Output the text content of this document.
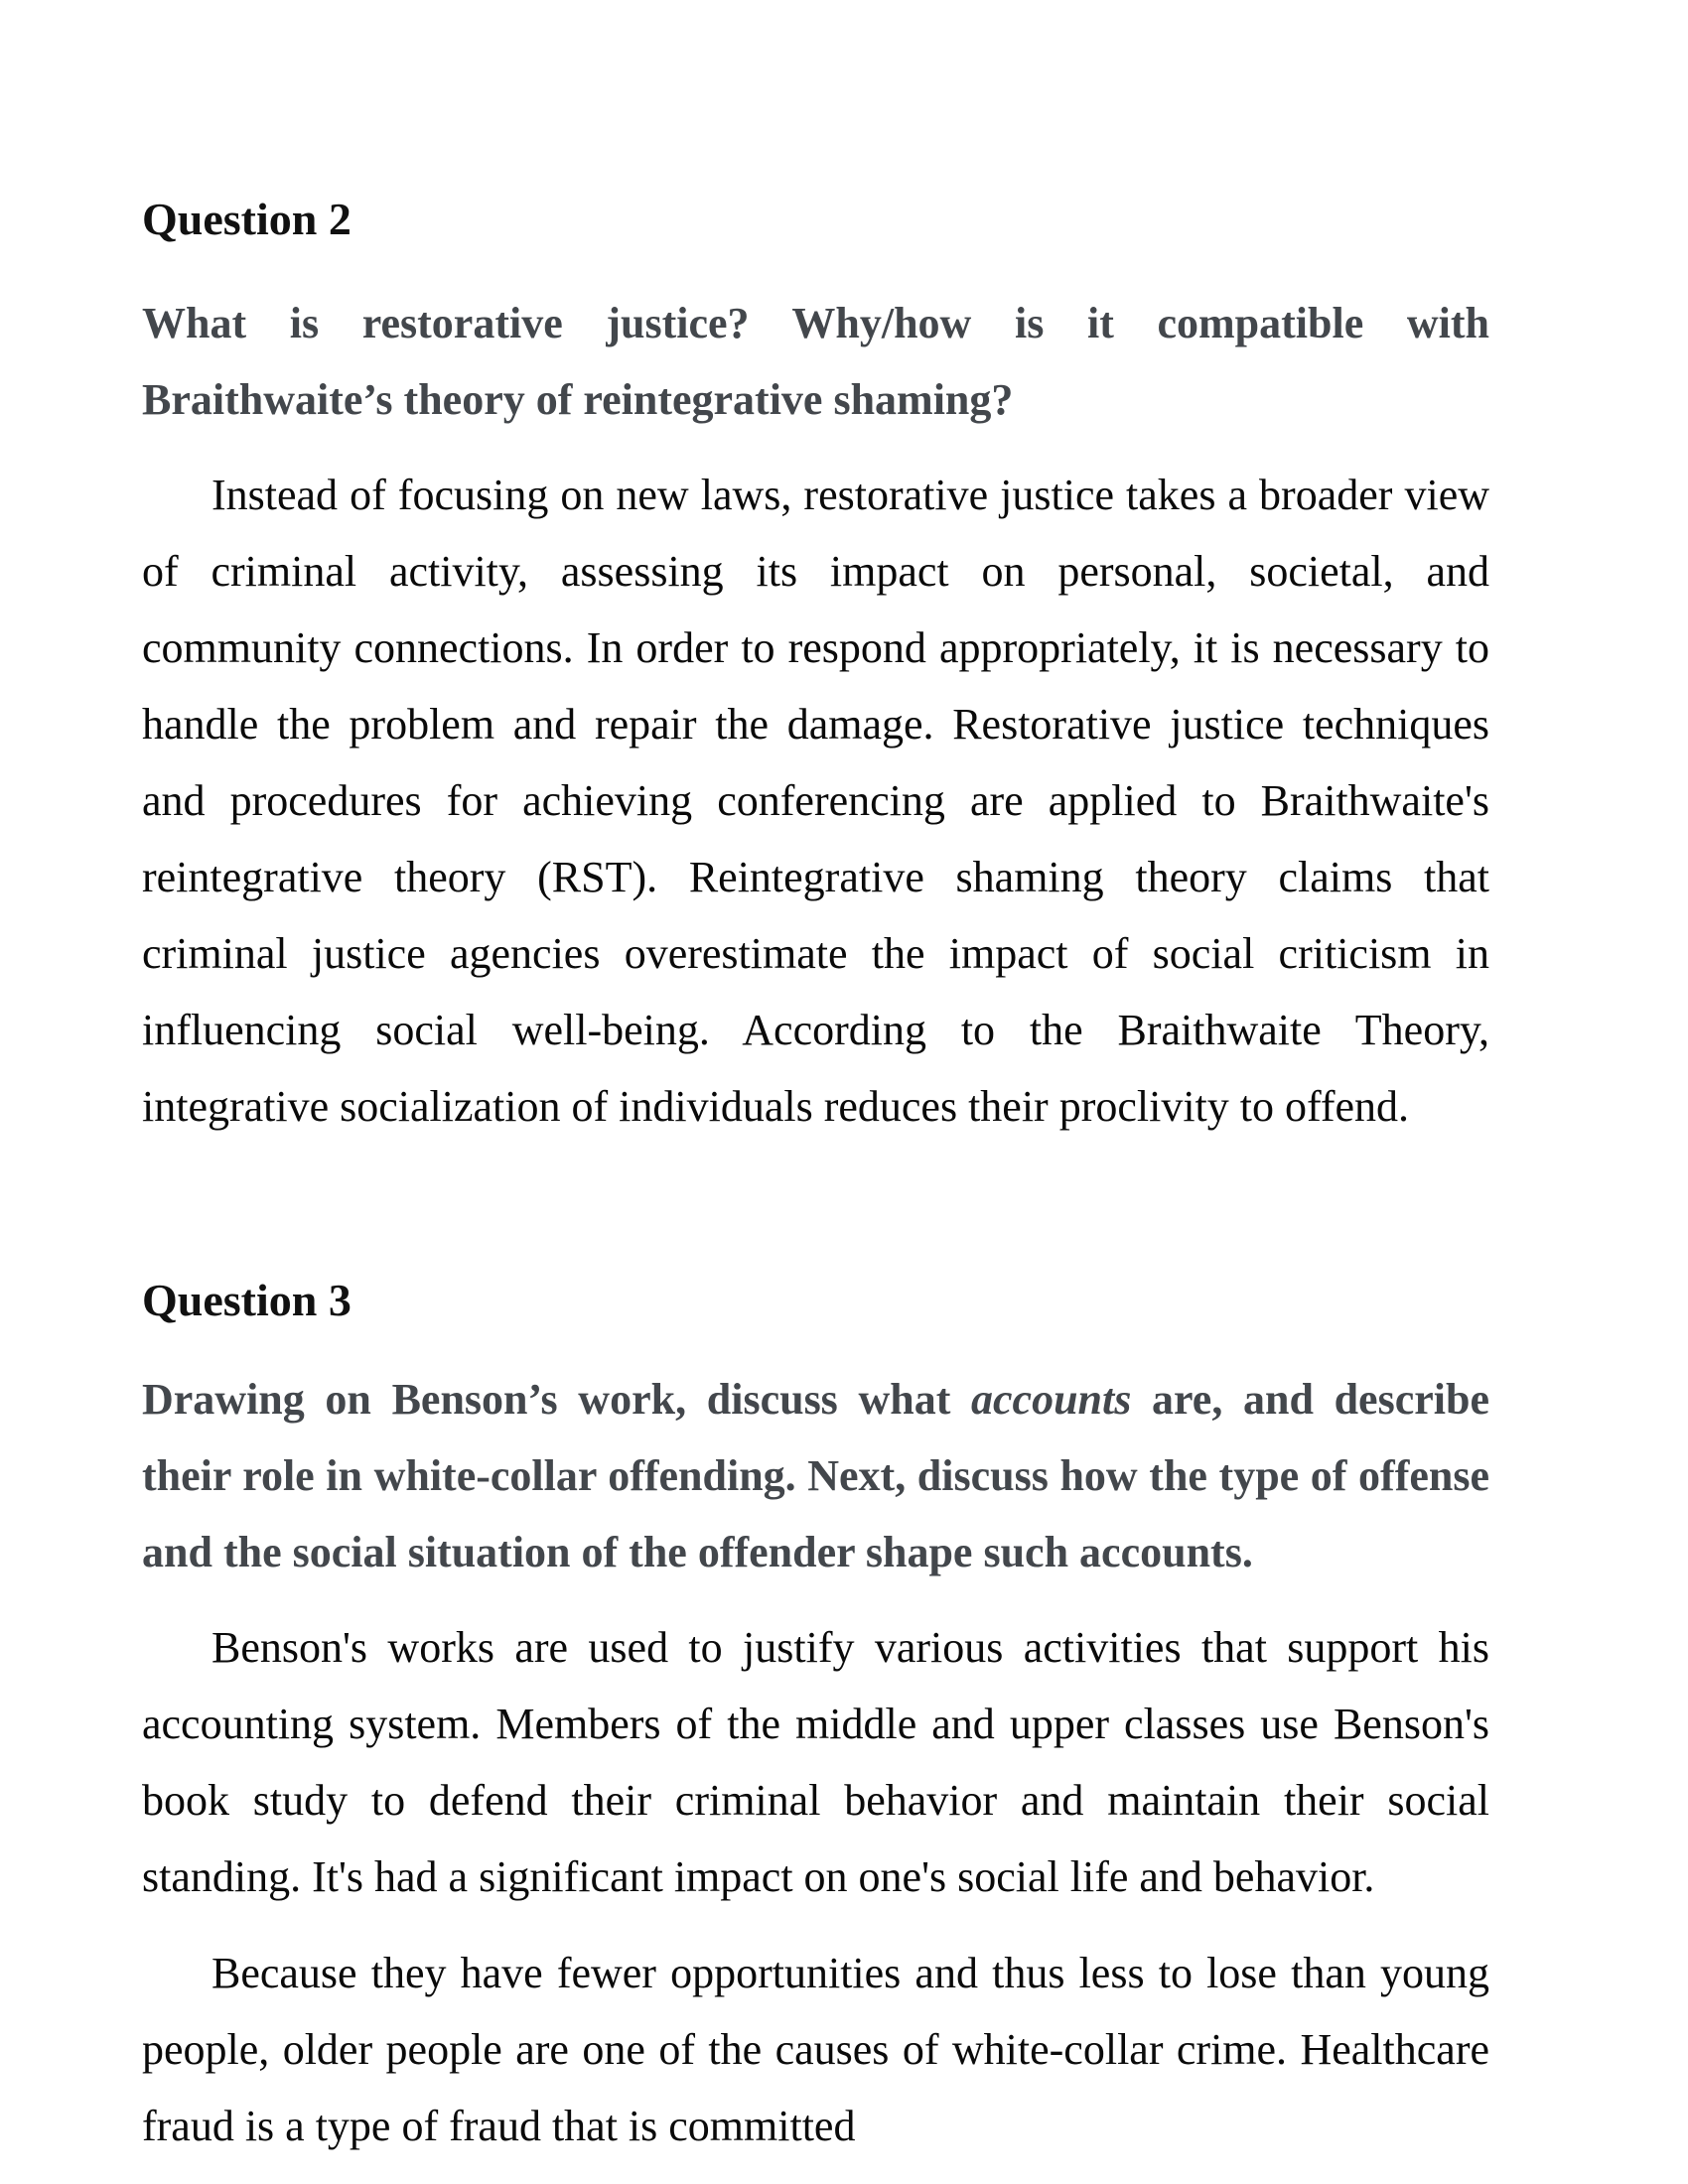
Question 2

What is restorative justice? Why/how is it compatible with Braithwaite’s theory of reintegrative shaming?

Instead of focusing on new laws, restorative justice takes a broader view of criminal activity, assessing its impact on personal, societal, and community connections. In order to respond appropriately, it is necessary to handle the problem and repair the damage. Restorative justice techniques and procedures for achieving conferencing are applied to Braithwaite's reintegrative theory (RST). Reintegrative shaming theory claims that criminal justice agencies overestimate the impact of social criticism in influencing social well-being. According to the Braithwaite Theory, integrative socialization of individuals reduces their proclivity to offend.

Question 3

Drawing on Benson’s work, discuss what accounts are, and describe their role in white-collar offending. Next, discuss how the type of offense and the social situation of the offender shape such accounts.

Benson's works are used to justify various activities that support his accounting system. Members of the middle and upper classes use Benson's book study to defend their criminal behavior and maintain their social standing. It's had a significant impact on one's social life and behavior.

Because they have fewer opportunities and thus less to lose than young people, older people are one of the causes of white-collar crime. Healthcare fraud is a type of fraud that is committed
